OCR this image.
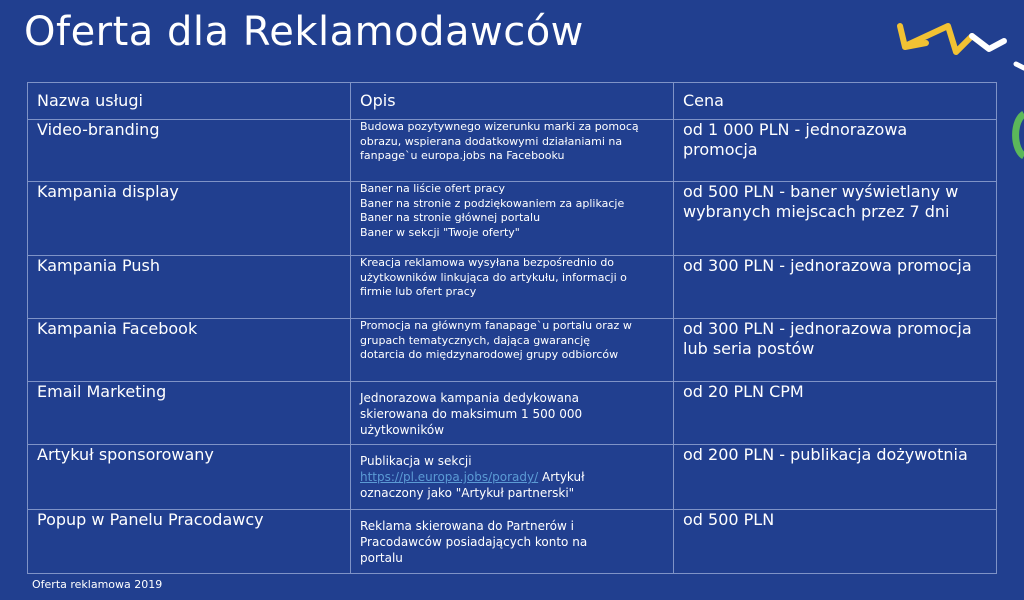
Oferta dla Reklamodawców
Nazwa usługi	Opis	Cena
Video-branding	Budowa pozytywnego wizerunku marki za pomocą
obrazu, wspierana dodatkowymi działaniami na
fanpage`u europa.jobs na Facebooku	od 1 000 PLN - jednorazowa
promocja

Kampania display	Baner na liście ofert pracy
Baner na stronie z podziękowaniem za aplikacje
Baner na stronie głównej portalu
Baner w sekcji "Twoje oferty"	od 500 PLN - baner wyświetlany w
wybranych miejscach przez 7 dni

Kampania Push	Kreacja reklamowa wysyłana bezpośrednio do
użytkowników linkująca do artykułu, informacji o
firmie lub ofert pracy	od 300 PLN - jednorazowa promocja

Kampania Facebook	Promocja na głównym fanapage`u portalu oraz w
grupach tematycznych, dająca gwarancję
dotarcia do międzynarodowej grupy odbiorców	od 300 PLN - jednorazowa promocja
lub seria postów

Email Marketing	Jednorazowa kampania dedykowana
skierowana do maksimum 1 500 000
użytkowników	od 20 PLN CPM

Artykuł sponsorowany	Publikacja w sekcji
https://pl.europa.jobs/porady/ Artykuł
oznaczony jako "Artykuł partnerski"	od 200 PLN - publikacja dożywotnia

Popup w Panelu Pracodawcy	Reklama skierowana do Partnerów i
Pracodawców posiadających konto na
portalu	od 500 PLN
Oferta reklamowa 2019
